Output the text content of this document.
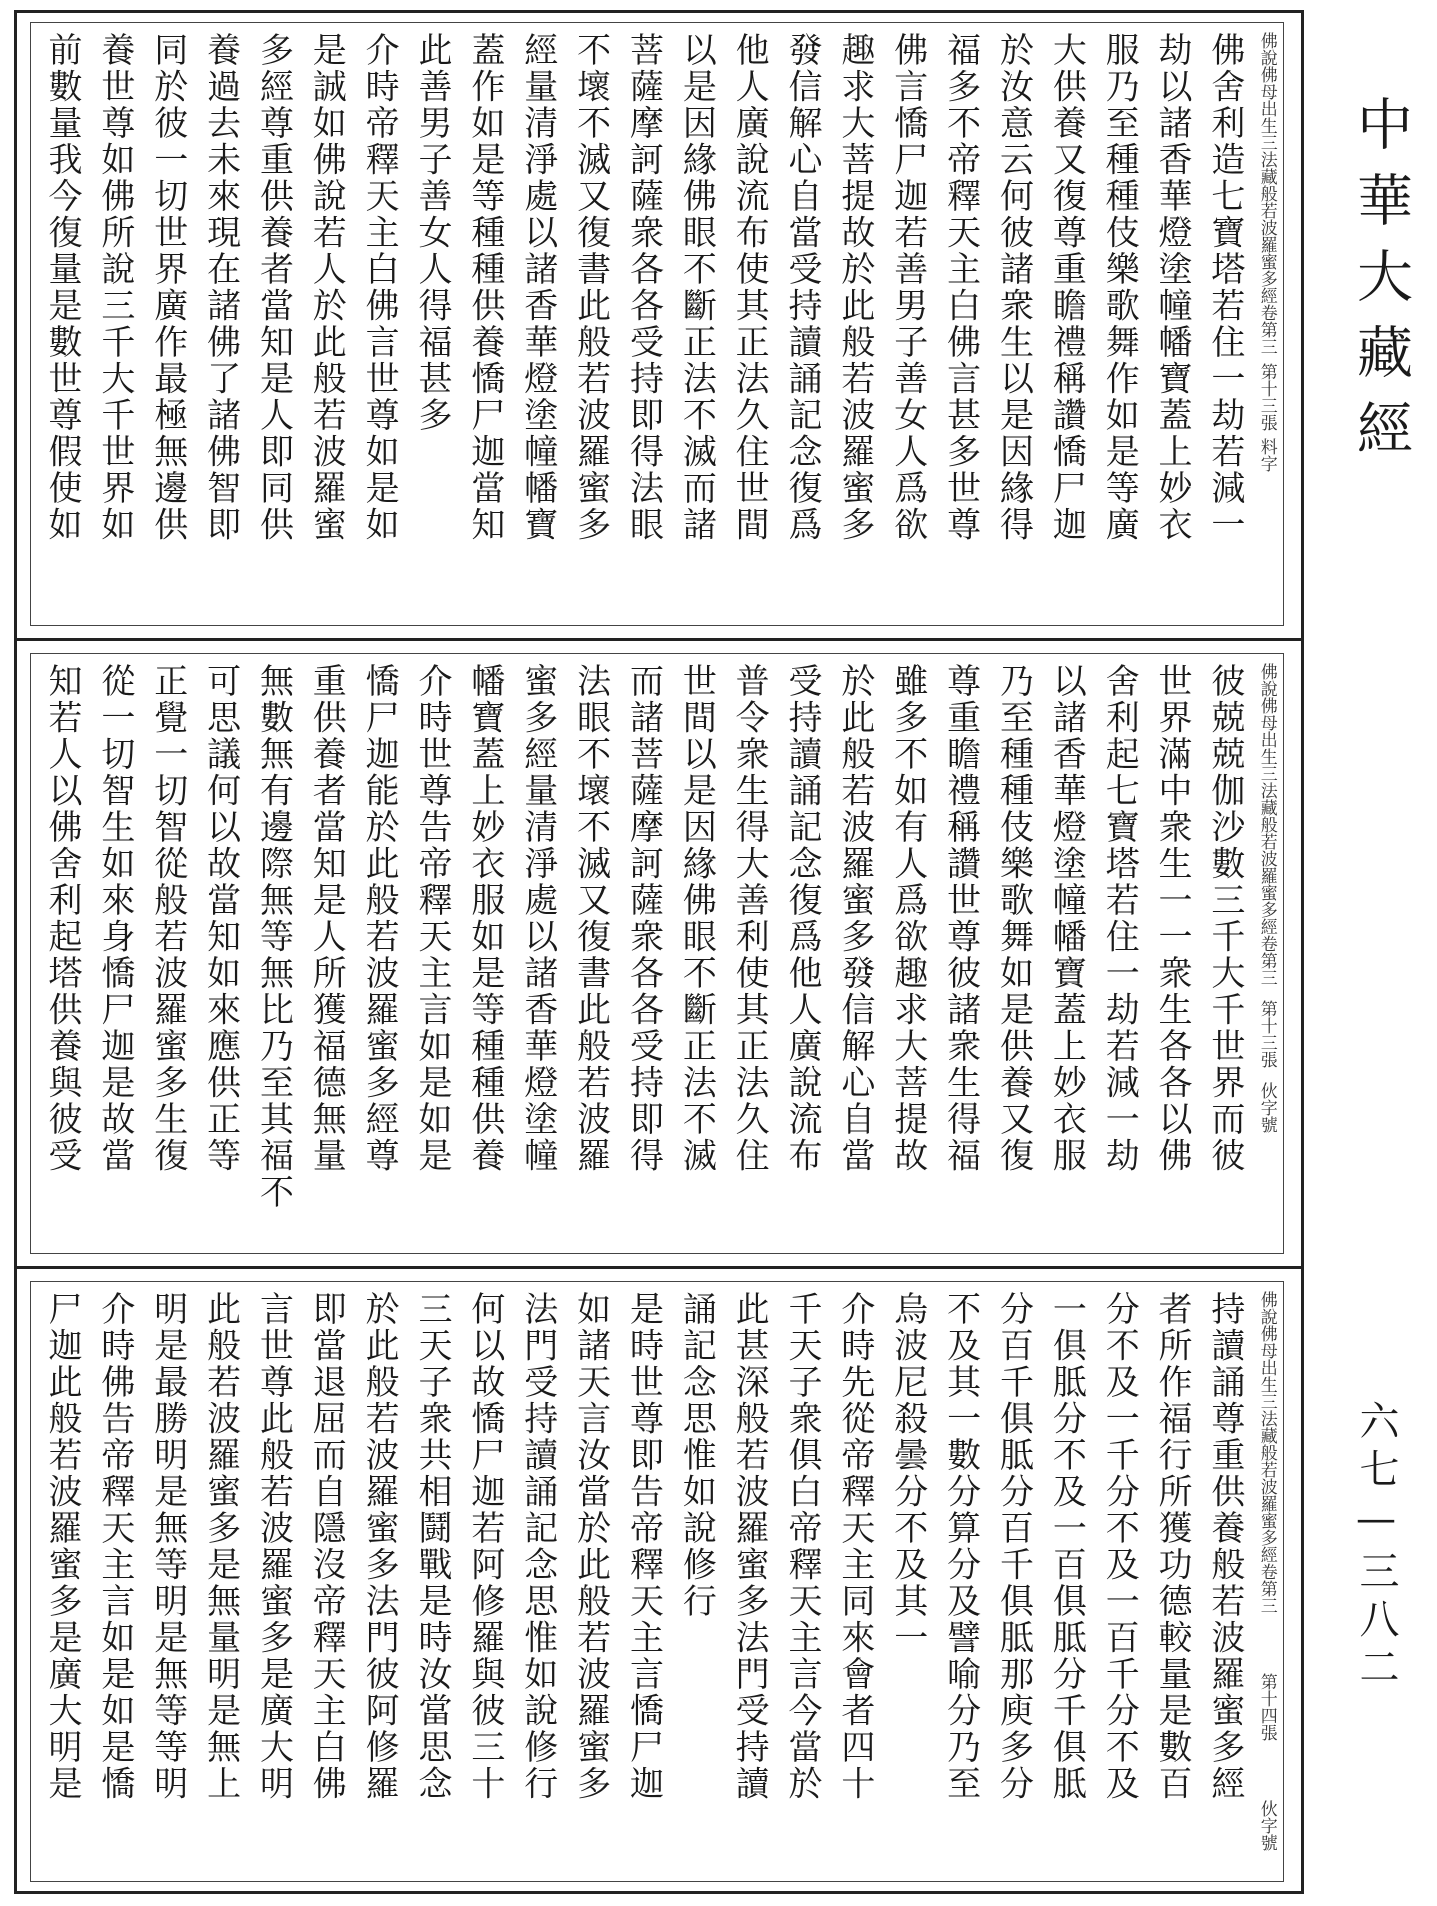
佛說佛母出生三法藏般若波羅蜜多經卷第三
第十三張
料字
佛舍利造七寶塔若住一劫若減一
劫以諸香華燈塗幢幡寶蓋上妙衣
服乃至種種伎樂歌舞作如是等廣
大供養又復尊重瞻禮稱讚憍尸迦
於汝意云何彼諸衆生以是因緣得
福多不帝釋天主白佛言甚多世尊
佛言憍尸迦若善男子善女人爲欲
趣求大菩提故於此般若波羅蜜多
發信解心自當受持讀誦記念復爲
他人廣說流布使其正法久住世間
以是因緣佛眼不斷正法不滅而諸
菩薩摩訶薩衆各各受持即得法眼
不壞不滅又復書此般若波羅蜜多
經量清淨處以諸香華燈塗幢幡寶
蓋作如是等種種供養憍尸迦當知
此善男子善女人得福甚多
介時帝釋天主白佛言世尊如是如
是誠如佛說若人於此般若波羅蜜
多經尊重供養者當知是人即同供
養過去未來現在諸佛了諸佛智即
同於彼一切世界廣作最極無邊供
養世尊如佛所說三千大千世界如
前數量我今復量是數世尊假使如
佛說佛母出生三法藏般若波羅蜜多經卷第三
第十三張
伙字號
彼兢兢伽沙數三千大千世界而彼
世界滿中衆生一一衆生各各以佛
舍利起七寶塔若住一劫若減一劫
以諸香華燈塗幢幡寶蓋上妙衣服
乃至種種伎樂歌舞如是供養又復
尊重瞻禮稱讚世尊彼諸衆生得福
雖多不如有人爲欲趣求大菩提故
於此般若波羅蜜多發信解心自當
受持讀誦記念復爲他人廣說流布
普令衆生得大善利使其正法久住
世間以是因緣佛眼不斷正法不滅
而諸菩薩摩訶薩衆各各受持即得
法眼不壞不滅又復書此般若波羅
蜜多經量清淨處以諸香華燈塗幢
幡寶蓋上妙衣服如是等種種供養
介時世尊告帝釋天主言如是如是
憍尸迦能於此般若波羅蜜多經尊
重供養者當知是人所獲福德無量
無數無有邊際無等無比乃至其福不
可思議何以故當知如來應供正等
正覺一切智從般若波羅蜜多生復
從一切智生如來身憍尸迦是故當
知若人以佛舍利起塔供養與彼受
佛說佛母出生三法藏般若波羅蜜多經卷第三
第十四張
伙字號
持讀誦尊重供養般若波羅蜜多經
者所作福行所獲功德較量是數百
分不及一千分不及一百千分不及
一俱胝分不及一百俱胝分千俱胝
分百千俱胝分百千俱胝那庾多分
不及其一數分算分及譬喻分乃至
烏波尼殺曇分不及其一
介時先從帝釋天主同來會者四十
千天子衆俱白帝釋天主言今當於
此甚深般若波羅蜜多法門受持讀
誦記念思惟如說修行
是時世尊即告帝釋天主言憍尸迦
如諸天言汝當於此般若波羅蜜多
法門受持讀誦記念思惟如說修行
何以故憍尸迦若阿修羅與彼三十
三天子衆共相鬪戰是時汝當思念
於此般若波羅蜜多法門彼阿修羅
即當退屈而自隱沒帝釋天主白佛
言世尊此般若波羅蜜多是廣大明
此般若波羅蜜多是無量明是無上
明是最勝明是無等明是無等等明
介時佛告帝釋天主言如是如是憍
尸迦此般若波羅蜜多是廣大明是
中華大藏經
六七—三八二
